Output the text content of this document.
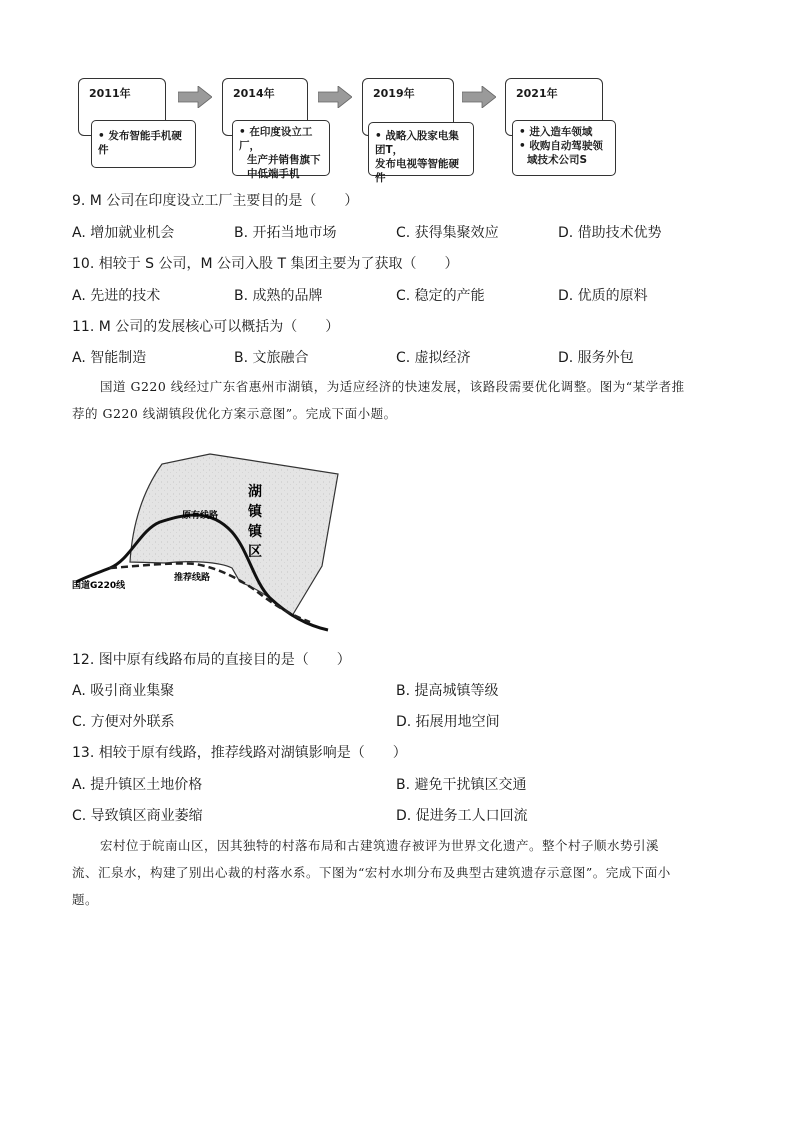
2011年
• 发布智能手机硬件
2014年
• 在印度设立工厂，
生产并销售旗下
中低端手机
2019年
• 战略入股家电集团T，
发布电视等智能硬件
2021年
• 进入造车领域
• 收购自动驾驶领
域技术公司S
9. M 公司在印度设立工厂主要目的是（　　）
A. 增加就业机会	B. 开拓当地市场	C. 获得集聚效应	D. 借助技术优势
10. 相较于 S 公司，M 公司入股 T 集团主要为了获取（　　）
A. 先进的技术	B. 成熟的品牌	C. 稳定的产能	D. 优质的原料
11. M 公司的发展核心可以概括为（　　）
A. 智能制造	B. 文旅融合	C. 虚拟经济	D. 服务外包
国道 G220 线经过广东省惠州市湖镇，为适应经济的快速发展，该路段需要优化调整。图为“某学者推
荐的 G220 线湖镇段优化方案示意图”。完成下面小题。
原有线路
推荐线路
国道G220线
湖
镇
镇
区
12. 图中原有线路布局的直接目的是（　　）
A. 吸引商业集聚	B. 提高城镇等级
C. 方便对外联系	D. 拓展用地空间
13. 相较于原有线路，推荐线路对湖镇影响是（　　）
A. 提升镇区土地价格	B. 避免干扰镇区交通
C. 导致镇区商业萎缩	D. 促进务工人口回流
宏村位于皖南山区，因其独特的村落布局和古建筑遗存被评为世界文化遗产。整个村子顺水势引溪
流、汇泉水，构建了别出心裁的村落水系。下图为“宏村水圳分布及典型古建筑遗存示意图”。完成下面小
题。
